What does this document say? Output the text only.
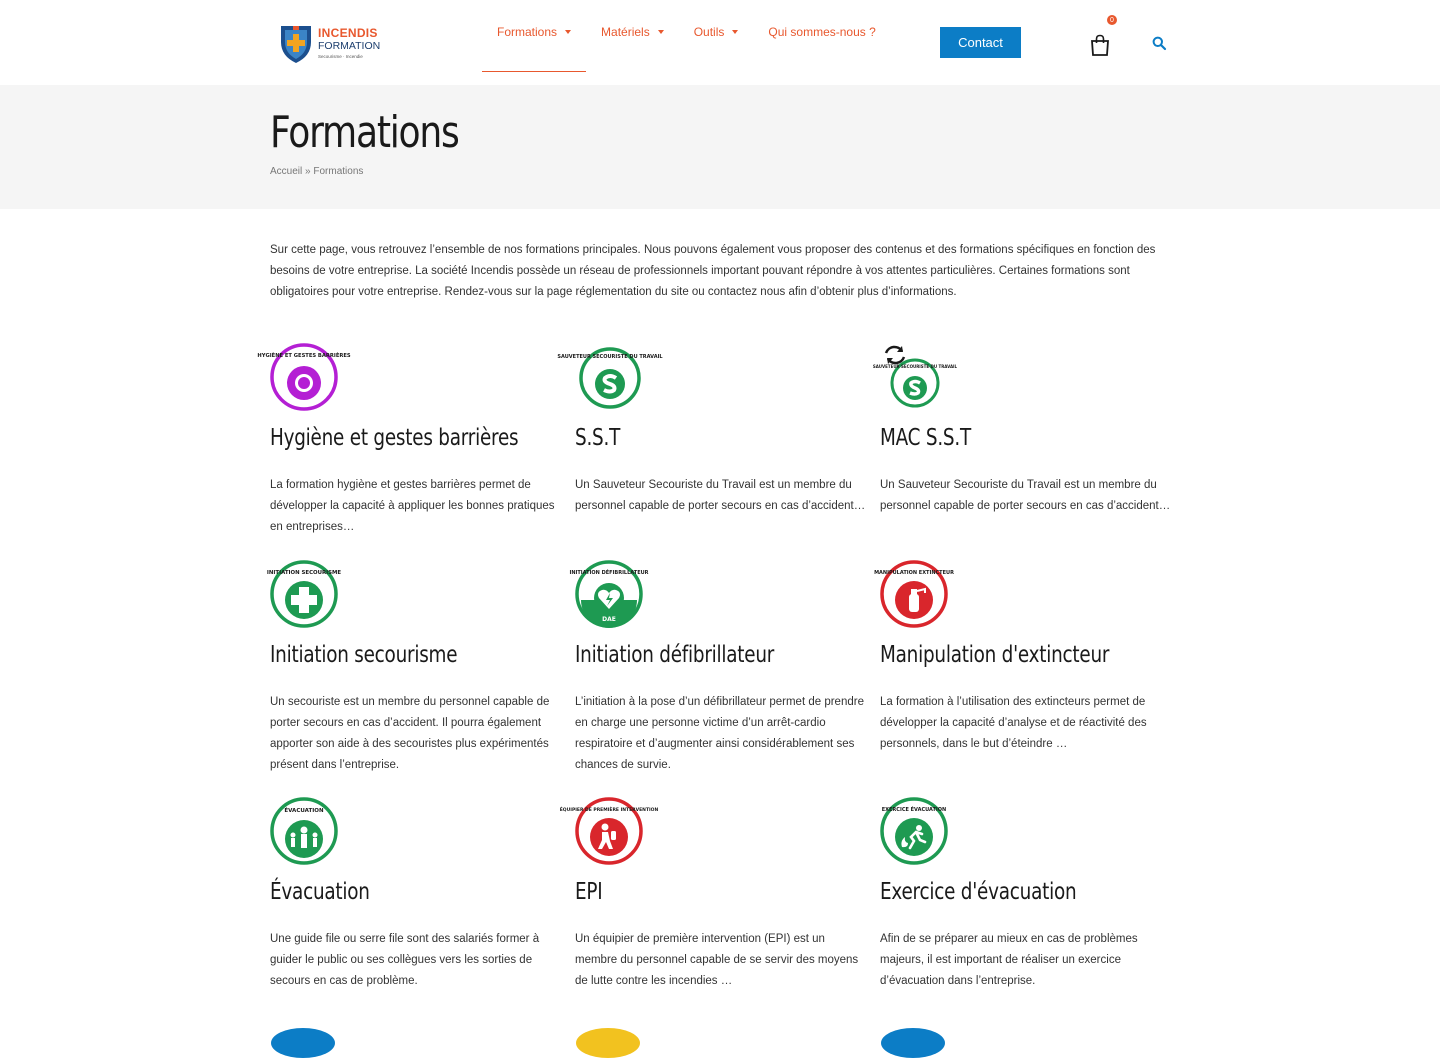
INCENDIS
FORMATION
Secourisme · Incendie
Formations	Matériels	Outils	Qui sommes-nous ?
Contact
0
Formations
Accueil » Formations

Sur cette page, vous retrouvez l’ensemble de nos formations principales. Nous pouvons également vous proposer des contenus et des formations spécifiques en fonction des besoins de votre entreprise. La société Incendis possède un réseau de professionnels important pouvant répondre à vos attentes particulières. Certaines formations sont obligatoires pour votre entreprise. Rendez-vous sur la page réglementation du site ou contactez nous afin d’obtenir plus d’informations.

HYGIÈNE ET GESTES BARRIÈRES
Hygiène et gestes barrières

La formation hygiène et gestes barrières permet de développer la capacité à appliquer les bonnes pratiques en entreprises…

SAUVETEUR SECOURISTE DU TRAVAIL
S.S.T

Un Sauveteur Secouriste du Travail est un membre du personnel capable de porter secours en cas d’accident…

SAUVETEUR SECOURISTE DU TRAVAIL
MAC S.S.T

Un Sauveteur Secouriste du Travail est un membre du personnel capable de porter secours en cas d’accident…

INITIATION SECOURISME
Initiation secourisme

Un secouriste est un membre du personnel capable de porter secours en cas d’accident. Il pourra également apporter son aide à des secouristes plus expérimentés présent dans l’entreprise.

INITIATION DÉFIBRILLATEUR
DAE
Initiation défibrillateur

L’initiation à la pose d’un défibrillateur permet de prendre en charge une personne victime d’un arrêt-cardio respiratoire et d’augmenter ainsi considérablement ses chances de survie.

MANIPULATION EXTINCTEUR
Manipulation d'extincteur

La formation à l’utilisation des extincteurs permet de développer la capacité d’analyse et de réactivité des personnels, dans le but d’éteindre …

ÉVACUATION
Évacuation

Une guide file ou serre file sont des salariés former à guider le public ou ses collègues vers les sorties de secours en cas de problème.

ÉQUIPIER DE PREMIÈRE INTERVENTION
EPI

Un équipier de première intervention (EPI) est un membre du personnel capable de se servir des moyens de lutte contre les incendies …

EXERCICE ÉVACUATION
Exercice d'évacuation

Afin de se préparer au mieux en cas de problèmes majeurs, il est important de réaliser un exercice d’évacuation dans l’entreprise.
